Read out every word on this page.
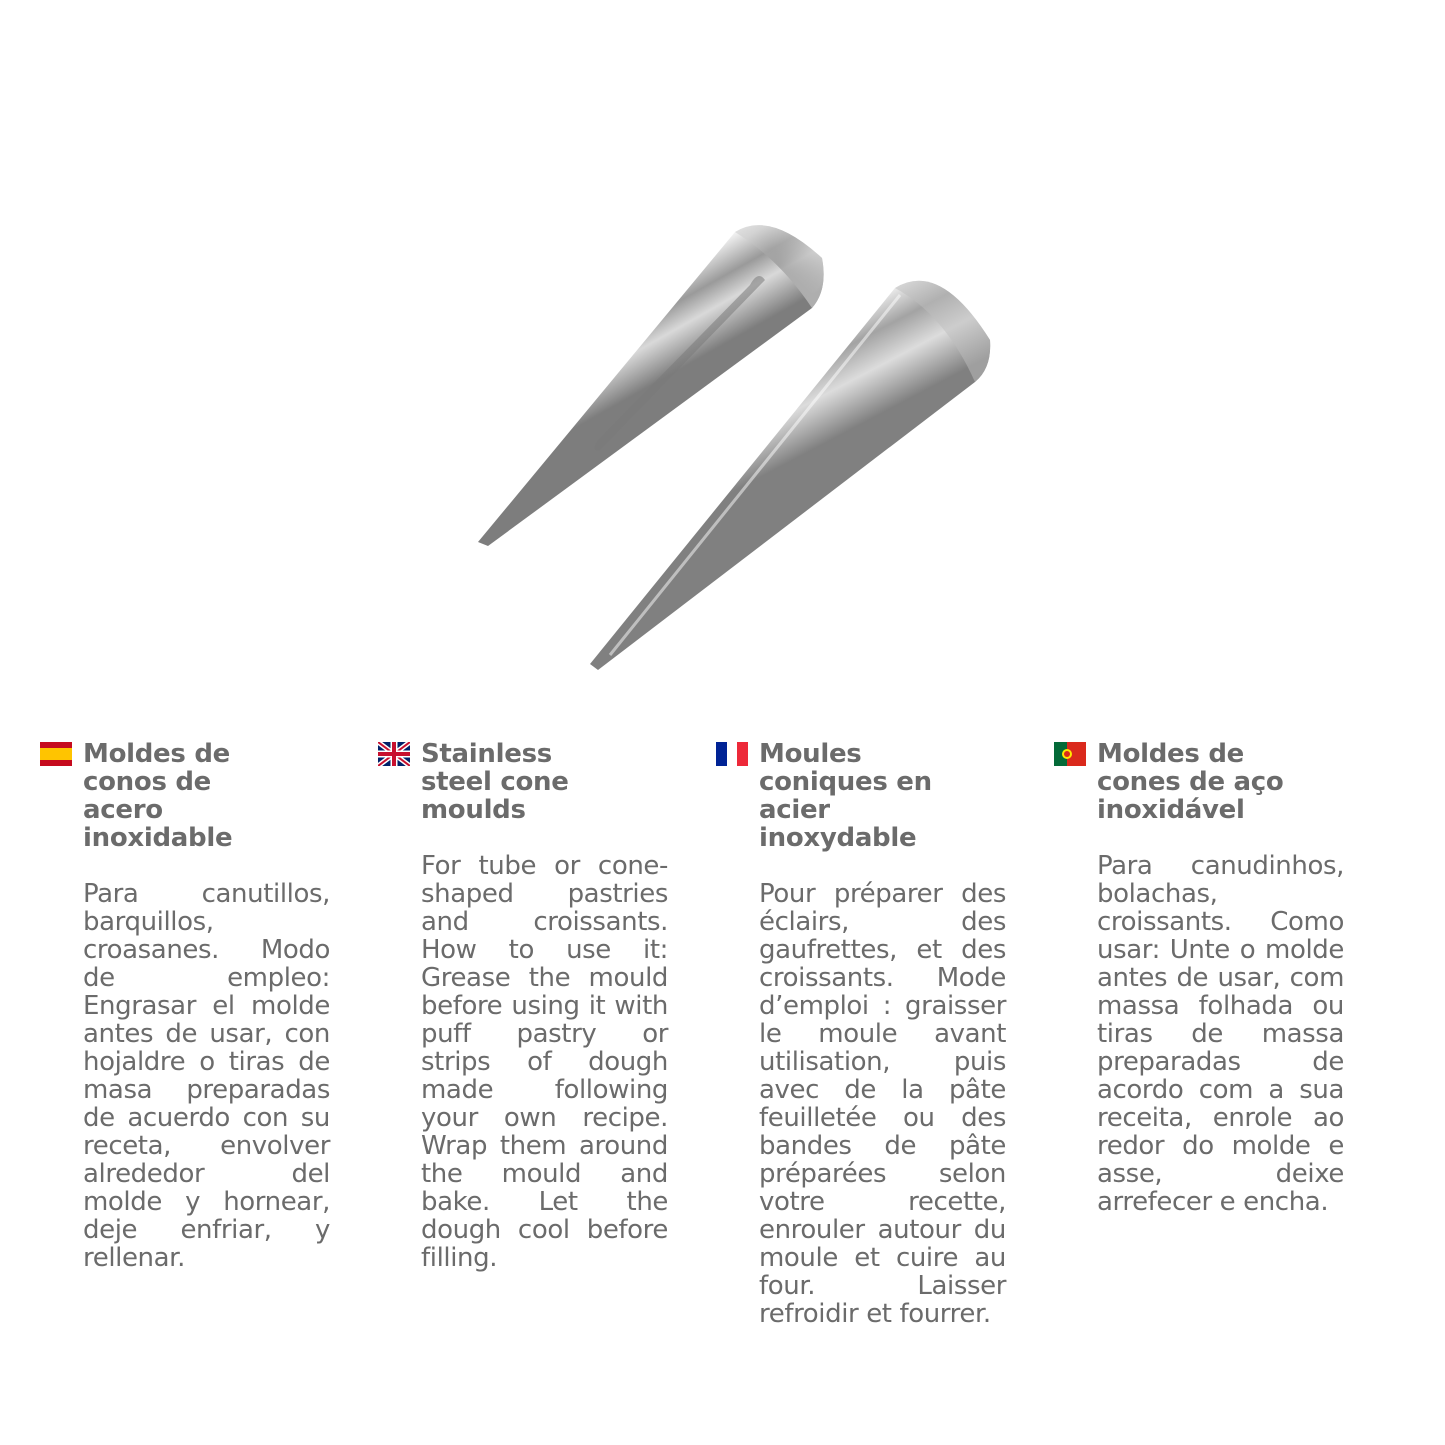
Moldes de conos de acero inoxidable
Para canutillos, barquillos, croasanes. Modo de empleo: Engrasar el molde antes de usar, con hojaldre o tiras de masa preparadas de acuerdo con su receta, envolver alrededor del molde y hornear, deje enfriar, y rellenar.
Stainless steel cone moulds
For tube or cone-shaped pastries and croissants. How to use it: Grease the mould before using it with puff pastry or strips of dough made following your own recipe. Wrap them around the mould and bake. Let the dough cool before filling.
Moules coniques en acier inoxydable
Pour préparer des éclairs, des gaufrettes, et des croissants. Mode d’emploi : graisser le moule avant utilisation, puis avec de la pâte feuilletée ou des bandes de pâte préparées selon votre recette, enrouler autour du moule et cuire au four. Laisser refroidir et fourrer.
Moldes de cones de aço inoxidável
Para canudinhos, bolachas, croissants. Como usar: Unte o molde antes de usar, com massa folhada ou tiras de massa preparadas de acordo com a sua receita, enrole ao redor do molde e asse, deixe arrefecer e encha.
